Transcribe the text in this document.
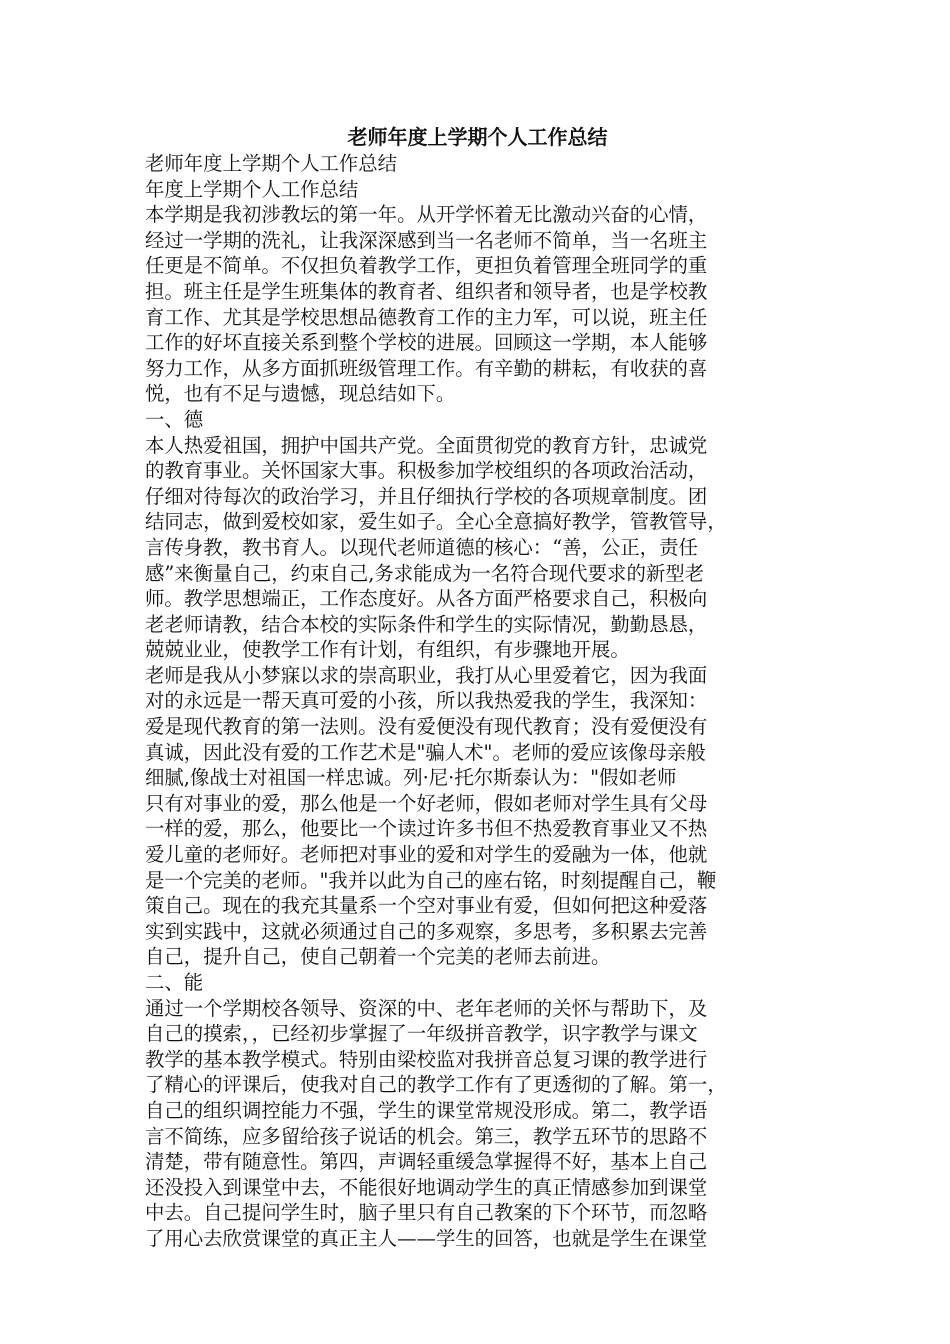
老师年度上学期个人工作总结

老师年度上学期个人工作总结

年度上学期个人工作总结

本学期是我初涉教坛的第一年。从开学怀着无比激动兴奋的心情，

经过一学期的洗礼，让我深深感到当一名老师不简单，当一名班主

任更是不简单。不仅担负着教学工作，更担负着管理全班同学的重

担。班主任是学生班集体的教育者、组织者和领导者，也是学校教

育工作、尤其是学校思想品德教育工作的主力军，可以说，班主任

工作的好坏直接关系到整个学校的进展。回顾这一学期，本人能够

努力工作，从多方面抓班级管理工作。有辛勤的耕耘，有收获的喜

悦，也有不足与遗憾，现总结如下。

一、德

本人热爱祖国，拥护中国共产党。全面贯彻党的教育方针，忠诚党

的教育事业。关怀国家大事。积极参加学校组织的各项政治活动，

仔细对待每次的政治学习，并且仔细执行学校的各项规章制度。团

结同志，做到爱校如家，爱生如子。全心全意搞好教学，管教管导，

言传身教，教书育人。以现代老师道德的核心：“善，公正，责任

感”来衡量自己，约束自己,务求能成为一名符合现代要求的新型老

师。教学思想端正，工作态度好。从各方面严格要求自己，积极向

老老师请教，结合本校的实际条件和学生的实际情况，勤勤恳恳，

兢兢业业，使教学工作有计划，有组织，有步骤地开展。

老师是我从小梦寐以求的崇高职业，我打从心里爱着它，因为我面

对的永远是一帮天真可爱的小孩，所以我热爱我的学生，我深知：

爱是现代教育的第一法则。没有爱便没有现代教育；没有爱便没有

真诚，因此没有爱的工作艺术是"骗人术"。老师的爱应该像母亲般

细腻,像战士对祖国一样忠诚。列·尼·托尔斯泰认为："假如老师

只有对事业的爱，那么他是一个好老师，假如老师对学生具有父母

一样的爱，那么，他要比一个读过许多书但不热爱教育事业又不热

爱儿童的老师好。老师把对事业的爱和对学生的爱融为一体，他就

是一个完美的老师。"我并以此为自己的座右铭，时刻提醒自己，鞭

策自己。现在的我充其量系一个空对事业有爱，但如何把这种爱落

实到实践中，这就必须通过自己的多观察，多思考，多积累去完善

自己，提升自己，使自己朝着一个完美的老师去前进。

二、能

通过一个学期校各领导、资深的中、老年老师的关怀与帮助下，及

自己的摸索，，已经初步掌握了一年级拼音教学，识字教学与课文

教学的基本教学模式。特别由梁校监对我拼音总复习课的教学进行

了精心的评课后，使我对自己的教学工作有了更透彻的了解。第一，

自己的组织调控能力不强，学生的课堂常规没形成。第二，教学语

言不简练，应多留给孩子说话的机会。第三，教学五环节的思路不

清楚，带有随意性。第四，声调轻重缓急掌握得不好，基本上自己

还没投入到课堂中去，不能很好地调动学生的真正情感参加到课堂

中去。自己提问学生时，脑子里只有自己教案的下个环节，而忽略

了用心去欣赏课堂的真正主人——学生的回答，也就是学生在课堂
